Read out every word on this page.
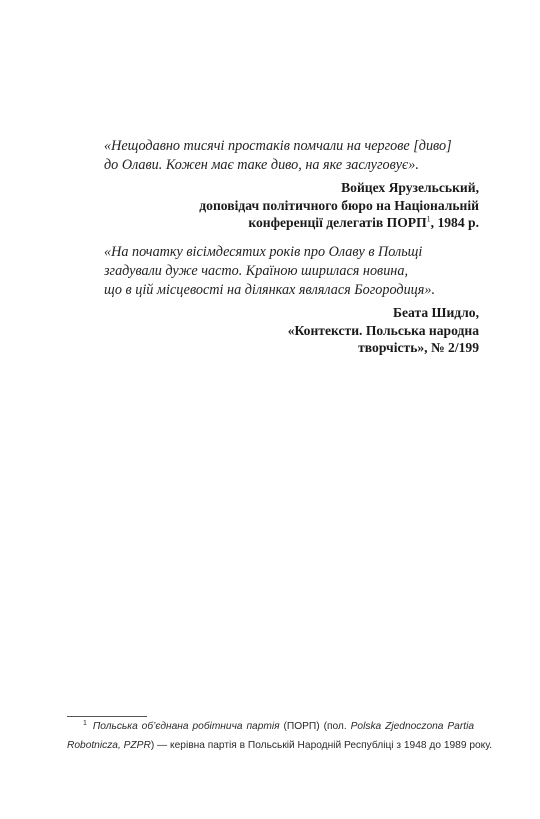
«Нещодавно тисячі простаків помчали на чергове [диво]
до Олави. Кожен має таке диво, на яке заслуговує».

Войцех Ярузельський,
доповідач політичного бюро на Національній
конференції делегатів ПОРП$^1$, 1984 р.

«На початку вісімдесятих років про Олаву в Польщі
згадували дуже часто. Країною ширилася новина,
що в цій місцевості на ділянках являлася Богородиця».

Беата Шидло,
«Контексти. Польська народна
творчість», № 2/199
$^1$ Польська об’єднана робітнича партія (ПОРП) (пол. Polska Zjednoczona Partia
Robotnicza, PZPR) — керівна партія в Польській Народній Республіці з 1948 до 1989 року.
